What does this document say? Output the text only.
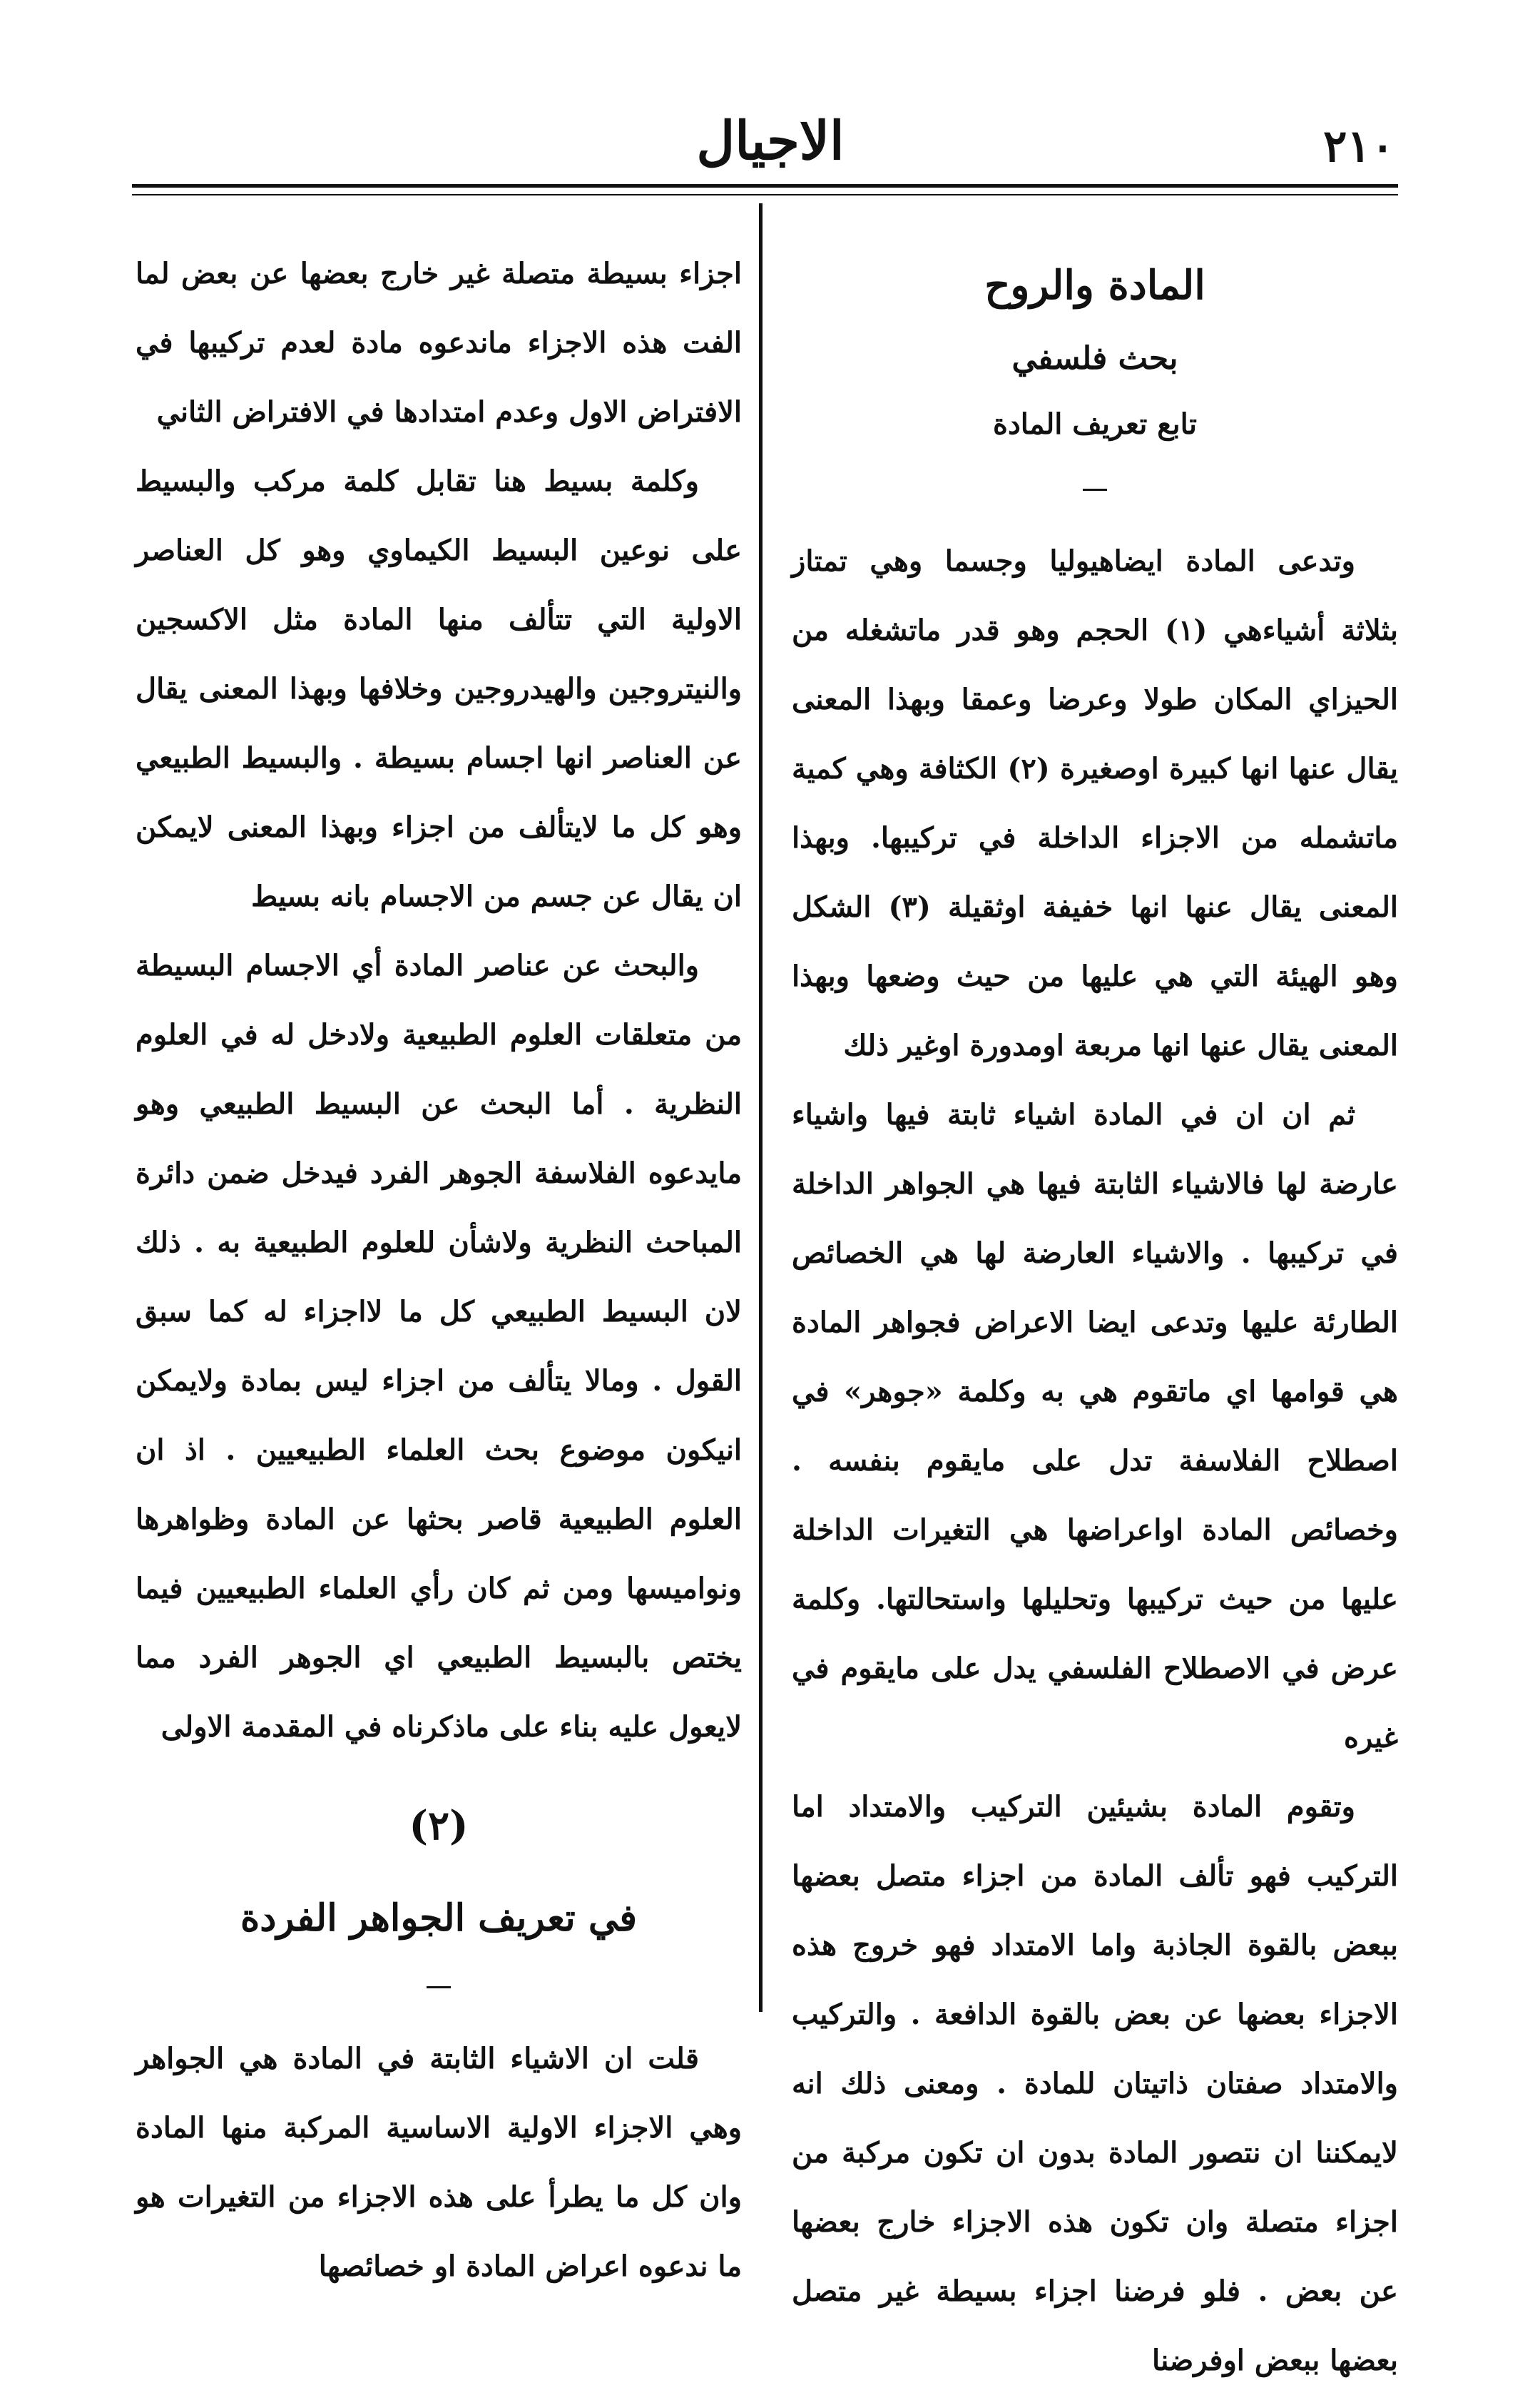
٢١٠
الاجيال
المادة والروح
بحث فلسفي
تابع تعريف المادة

وتدعى المادة ايضاهيوليا وجسما وهي تمتاز بثلاثة أشياءهي (١) الحجم وهو قدر ماتشغله من الحيزاي المكان طولا وعرضا وعمقا وبهذا المعنى يقال عنها انها كبيرة اوصغيرة (٢) الكثافة وهي كمية ماتشمله من الاجزاء الداخلة في تركيبها. وبهذا المعنى يقال عنها انها خفيفة اوثقيلة (٣) الشكل وهو الهيئة التي هي عليها من حيث وضعها وبهذا المعنى يقال عنها انها مربعة اومدورة اوغير ذلك

ثم ان ان في المادة اشياء ثابتة فيها واشياء عارضة لها فالاشياء الثابتة فيها هي الجواهر الداخلة في تركيبها . والاشياء العارضة لها هي الخصائص الطارئة عليها وتدعى ايضا الاعراض فجواهر المادة هي قوامها اي ماتقوم هي به وكلمة «جوهر» في اصطلاح الفلاسفة تدل على مايقوم بنفسه . وخصائص المادة اواعراضها هي التغيرات الداخلة عليها من حيث تركيبها وتحليلها واستحالتها. وكلمة عرض في الاصطلاح الفلسفي يدل على مايقوم في غيره

وتقوم المادة بشيئين التركيب والامتداد اما التركيب فهو تألف المادة من اجزاء متصل بعضها ببعض بالقوة الجاذبة واما الامتداد فهو خروج هذه الاجزاء بعضها عن بعض بالقوة الدافعة . والتركيب والامتداد صفتان ذاتيتان للمادة . ومعنى ذلك انه لايمكننا ان نتصور المادة بدون ان تكون مركبة من اجزاء متصلة وان تكون هذه الاجزاء خارج بعضها عن بعض . فلو فرضنا اجزاء بسيطة غير متصل بعضها ببعض اوفرضنا

اجزاء بسيطة متصلة غير خارج بعضها عن بعض لما الفت هذه الاجزاء ماندعوه مادة لعدم تركيبها في الافتراض الاول وعدم امتدادها في الافتراض الثاني

وكلمة بسيط هنا تقابل كلمة مركب والبسيط على نوعين البسيط الكيماوي وهو كل العناصر الاولية التي تتألف منها المادة مثل الاكسجين والنيتروجين والهيدروجين وخلافها وبهذا المعنى يقال عن العناصر انها اجسام بسيطة . والبسيط الطبيعي وهو كل ما لايتألف من اجزاء وبهذا المعنى لايمكن ان يقال عن جسم من الاجسام بانه بسيط

والبحث عن عناصر المادة أي الاجسام البسيطة من متعلقات العلوم الطبيعية ولادخل له في العلوم النظرية . أما البحث عن البسيط الطبيعي وهو مايدعوه الفلاسفة الجوهر الفرد فيدخل ضمن دائرة المباحث النظرية ولاشأن للعلوم الطبيعية به . ذلك لان البسيط الطبيعي كل ما لااجزاء له كما سبق القول . ومالا يتألف من اجزاء ليس بمادة ولايمكن انيكون موضوع بحث العلماء الطبيعيين . اذ ان العلوم الطبيعية قاصر بحثها عن المادة وظواهرها ونواميسها ومن ثم كان رأي العلماء الطبيعيين فيما يختص بالبسيط الطبيعي اي الجوهر الفرد مما لايعول عليه بناء على ماذكرناه في المقدمة الاولى

(٢)
في تعريف الجواهر الفردة

قلت ان الاشياء الثابتة في المادة هي الجواهر وهي الاجزاء الاولية الاساسية المركبة منها المادة وان كل ما يطرأ على هذه الاجزاء من التغيرات هو ما ندعوه اعراض المادة او خصائصها
